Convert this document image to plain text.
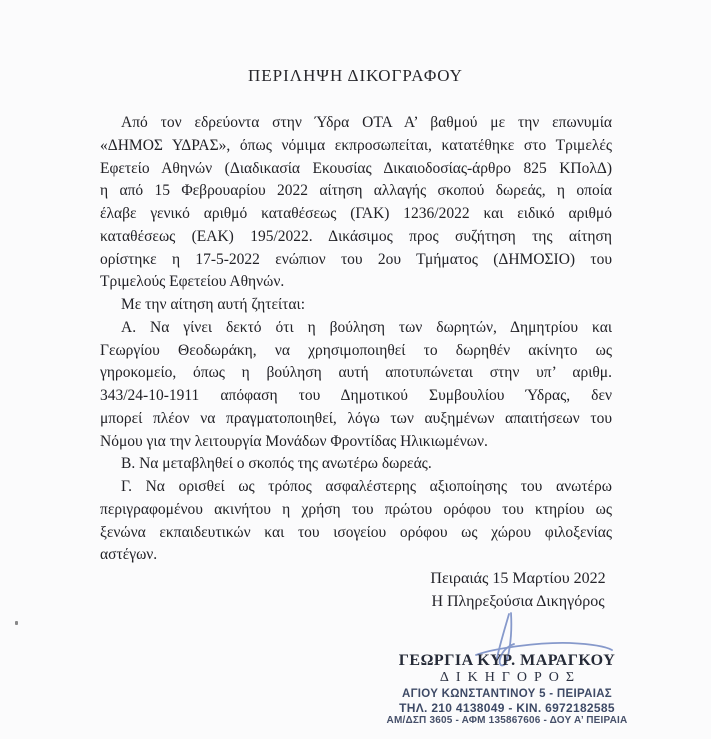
ΠΕΡΙΛΗΨΗ ΔΙΚΟΓΡΑΦΟΥ
Από τον εδρεύοντα στην Ύδρα ΟΤΑ Α’ βαθμού με την επωνυμία
«ΔΗΜΟΣ ΥΔΡΑΣ», όπως νόμιμα εκπροσωπείται, κατατέθηκε στο Τριμελές
Εφετείο Αθηνών (Διαδικασία Εκουσίας Δικαιοδοσίας-άρθρο 825 ΚΠολΔ)
η από 15 Φεβρουαρίου 2022 αίτηση αλλαγής σκοπού δωρεάς, η οποία
έλαβε γενικό αριθμό καταθέσεως (ΓΑΚ) 1236/2022 και ειδικό αριθμό
καταθέσεως (ΕΑΚ) 195/2022. Δικάσιμος προς συζήτηση της αίτηση
ορίστηκε η 17-5-2022 ενώπιον του 2ου Τμήματος (ΔΗΜΟΣΙΟ) του
Τριμελούς Εφετείου Αθηνών.
Με την αίτηση αυτή ζητείται:
Α. Να γίνει δεκτό ότι η βούληση των δωρητών, Δημητρίου και
Γεωργίου Θεοδωράκη, να χρησιμοποιηθεί το δωρηθέν ακίνητο ως
γηροκομείο, όπως η βούληση αυτή αποτυπώνεται στην υπ’ αριθμ.
343/24-10-1911 απόφαση του Δημοτικού Συμβουλίου Ύδρας, δεν
μπορεί πλέον να πραγματοποιηθεί, λόγω των αυξημένων απαιτήσεων του
Νόμου για την λειτουργία Μονάδων Φροντίδας Ηλικιωμένων.
Β. Να μεταβληθεί ο σκοπός της ανωτέρω δωρεάς.
Γ. Να ορισθεί ως τρόπος ασφαλέστερης αξιοποίησης του ανωτέρω
περιγραφομένου ακινήτου η χρήση του πρώτου ορόφου του κτηρίου ως
ξενώνα εκπαιδευτικών και του ισογείου ορόφου ως χώρου φιλοξενίας
αστέγων.
Πειραιάς 15 Μαρτίου 2022
Η Πληρεξούσια Δικηγόρος
ΓΕΩΡΓΙΑ ΚΥΡ. ΜΑΡΑΓΚΟΥ
ΔΙΚΗΓΟΡΟΣ
ΑΓΙΟΥ ΚΩΝΣΤΑΝΤΙΝΟΥ 5 - ΠΕΙΡΑΙΑΣ
ΤΗΛ. 210 4138049 - ΚΙΝ. 6972182585
ΑΜ/ΔΣΠ 3605 - ΑΦΜ 135867606 - ΔΟΥ Α’ ΠΕΙΡΑΙΑ
